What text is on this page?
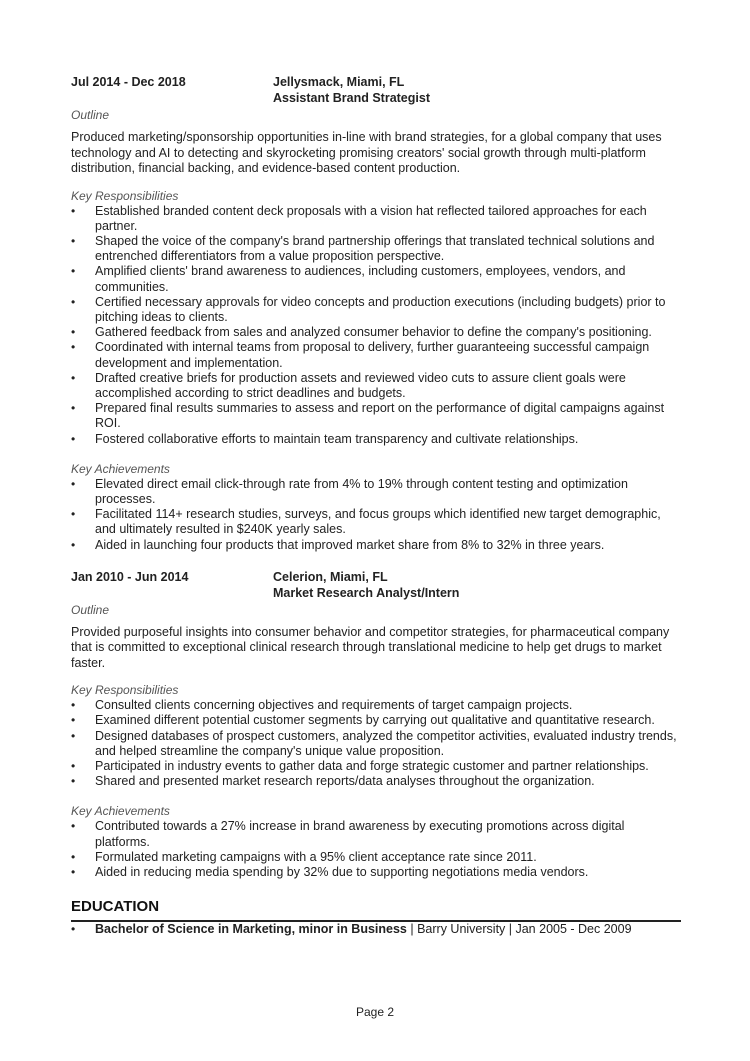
Jul 2014 - Dec 2018	Jellysmack, Miami, FL
Assistant Brand Strategist
Outline
Produced marketing/sponsorship opportunities in-line with brand strategies, for a global company that uses technology and AI to detecting and skyrocketing promising creators' social growth through multi-platform distribution, financial backing, and evidence-based content production.
Key Responsibilities
• Established branded content deck proposals with a vision hat reflected tailored approaches for each partner.
• Shaped the voice of the company's brand partnership offerings that translated technical solutions and entrenched differentiators from a value proposition perspective.
• Amplified clients' brand awareness to audiences, including customers, employees, vendors, and communities.
• Certified necessary approvals for video concepts and production executions (including budgets) prior to pitching ideas to clients.
• Gathered feedback from sales and analyzed consumer behavior to define the company's positioning.
• Coordinated with internal teams from proposal to delivery, further guaranteeing successful campaign development and implementation.
• Drafted creative briefs for production assets and reviewed video cuts to assure client goals were accomplished according to strict deadlines and budgets.
• Prepared final results summaries to assess and report on the performance of digital campaigns against ROI.
• Fostered collaborative efforts to maintain team transparency and cultivate relationships.
Key Achievements
• Elevated direct email click-through rate from 4% to 19% through content testing and optimization processes.
• Facilitated 114+ research studies, surveys, and focus groups which identified new target demographic, and ultimately resulted in $240K yearly sales.
• Aided in launching four products that improved market share from 8% to 32% in three years.
Jan 2010 - Jun 2014	Celerion, Miami, FL
Market Research Analyst/Intern
Outline
Provided purposeful insights into consumer behavior and competitor strategies, for pharmaceutical company that is committed to exceptional clinical research through translational medicine to help get drugs to market faster.
Key Responsibilities
• Consulted clients concerning objectives and requirements of target campaign projects.
• Examined different potential customer segments by carrying out qualitative and quantitative research.
• Designed databases of prospect customers, analyzed the competitor activities, evaluated industry trends, and helped streamline the company's unique value proposition.
• Participated in industry events to gather data and forge strategic customer and partner relationships.
• Shared and presented market research reports/data analyses throughout the organization.
Key Achievements
• Contributed towards a 27% increase in brand awareness by executing promotions across digital platforms.
• Formulated marketing campaigns with a 95% client acceptance rate since 2011.
• Aided in reducing media spending by 32% due to supporting negotiations media vendors.
EDUCATION
• Bachelor of Science in Marketing, minor in Business | Barry University | Jan 2005 - Dec 2009
Page 2
